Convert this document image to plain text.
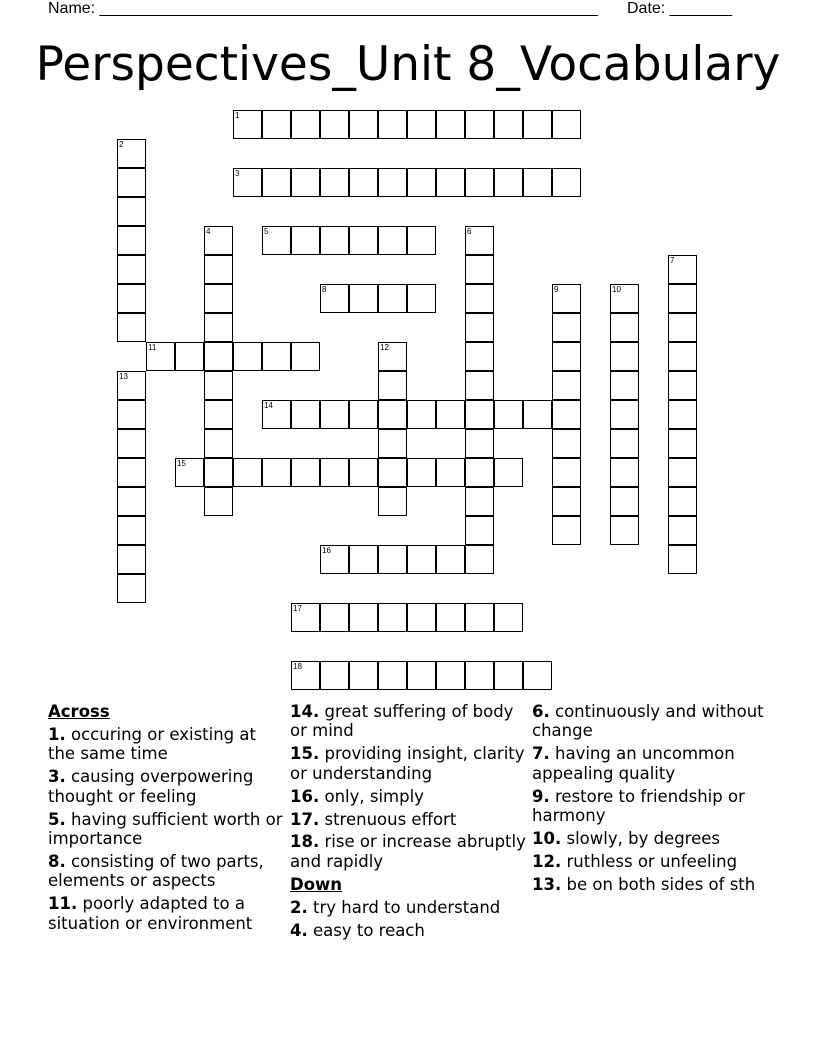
Name: ________________________________________________________ Date: _______
Perspectives_Unit 8_Vocabulary
1
3
5
8
11
14
15
16
17
18
2
4	6
7
9	10
12
13
Across
1. occuring or existing at the same time
3. causing overpowering thought or feeling
5. having sufficient worth or importance
8. consisting of two parts, elements or aspects
11. poorly adapted to a situation or environment
14. great suffering of body or mind
15. providing insight, clarity or understanding
16. only, simply
17. strenuous effort
18. rise or increase abruptly and rapidly
Down
2. try hard to understand
4. easy to reach
6. continuously and without change
7. having an uncommon appealing quality
9. restore to friendship or harmony
10. slowly, by degrees
12. ruthless or unfeeling
13. be on both sides of sth
